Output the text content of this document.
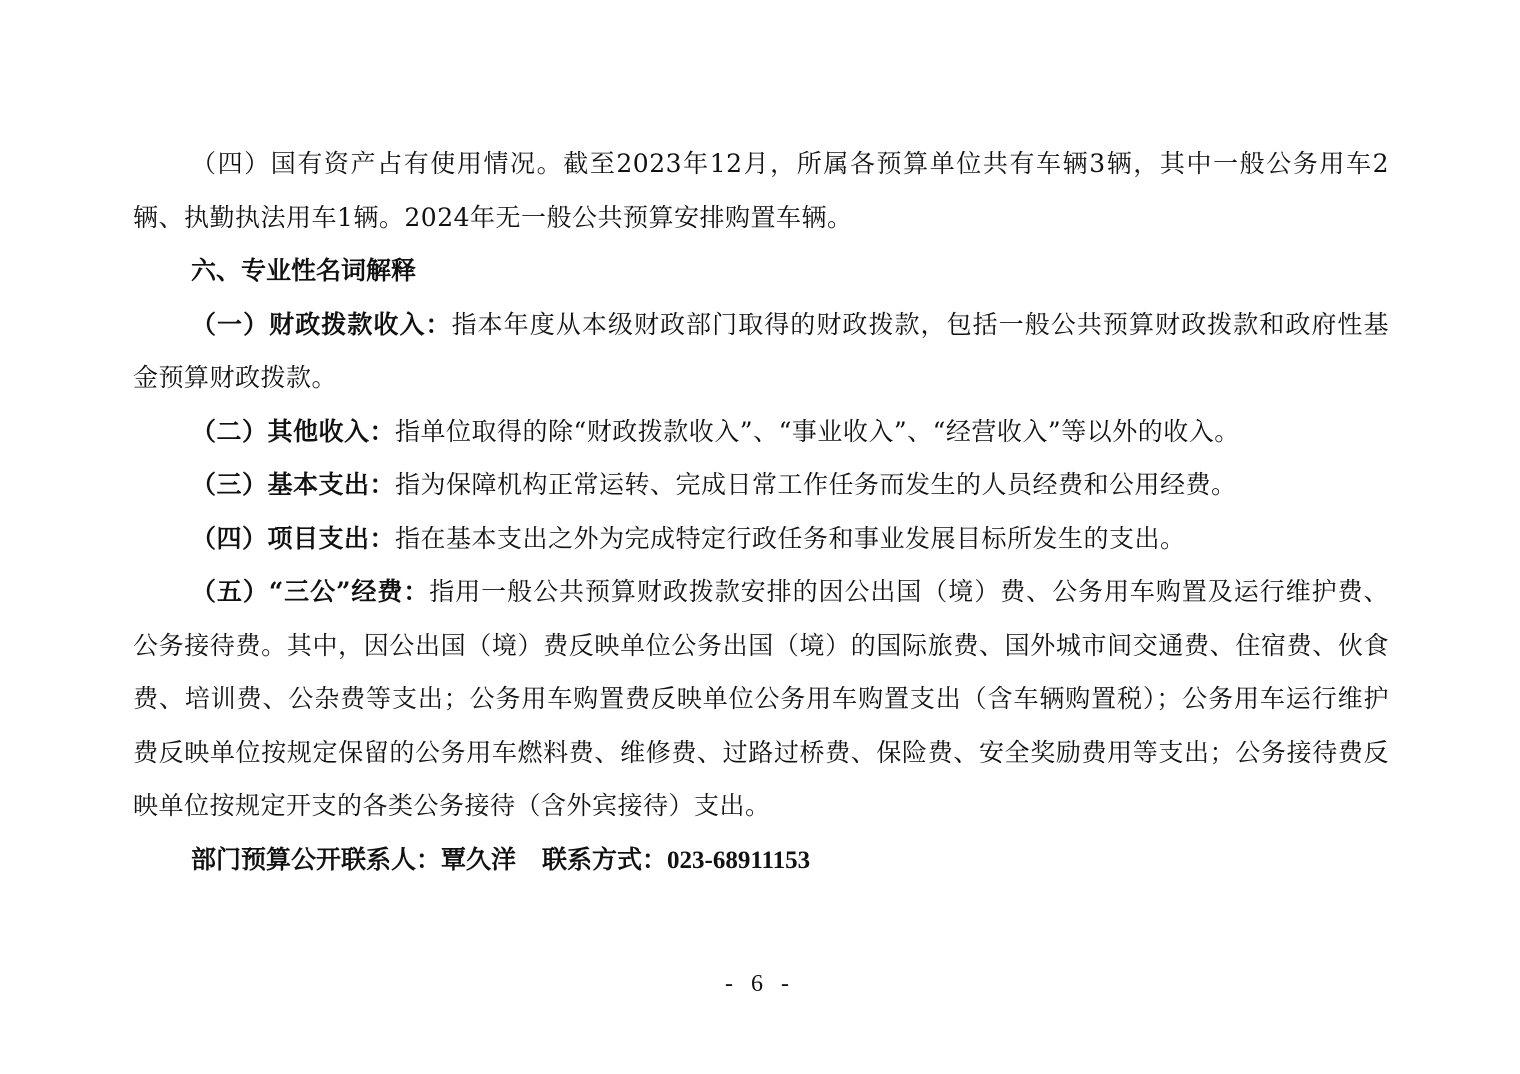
（四）国有资产占有使用情况。截至2023年12月，所属各预算单位共有车辆3辆，其中一般公务用车2辆、执勤执法用车1辆。2024年无一般公共预算安排购置车辆。

六、专业性名词解释

（一）财政拨款收入：指本年度从本级财政部门取得的财政拨款，包括一般公共预算财政拨款和政府性基金预算财政拨款。

（二）其他收入：指单位取得的除“财政拨款收入”、“事业收入”、“经营收入”等以外的收入。

（三）基本支出：指为保障机构正常运转、完成日常工作任务而发生的人员经费和公用经费。

（四）项目支出：指在基本支出之外为完成特定行政任务和事业发展目标所发生的支出。

（五）“三公”经费：指用一般公共预算财政拨款安排的因公出国（境）费、公务用车购置及运行维护费、公务接待费。其中，因公出国（境）费反映单位公务出国（境）的国际旅费、国外城市间交通费、住宿费、伙食费、培训费、公杂费等支出；公务用车购置费反映单位公务用车购置支出（含车辆购置税）；公务用车运行维护费反映单位按规定保留的公务用车燃料费、维修费、过路过桥费、保险费、安全奖励费用等支出；公务接待费反映单位按规定开支的各类公务接待（含外宾接待）支出。

部门预算公开联系人：覃久洋 联系方式：023-68911153

- 6 -
